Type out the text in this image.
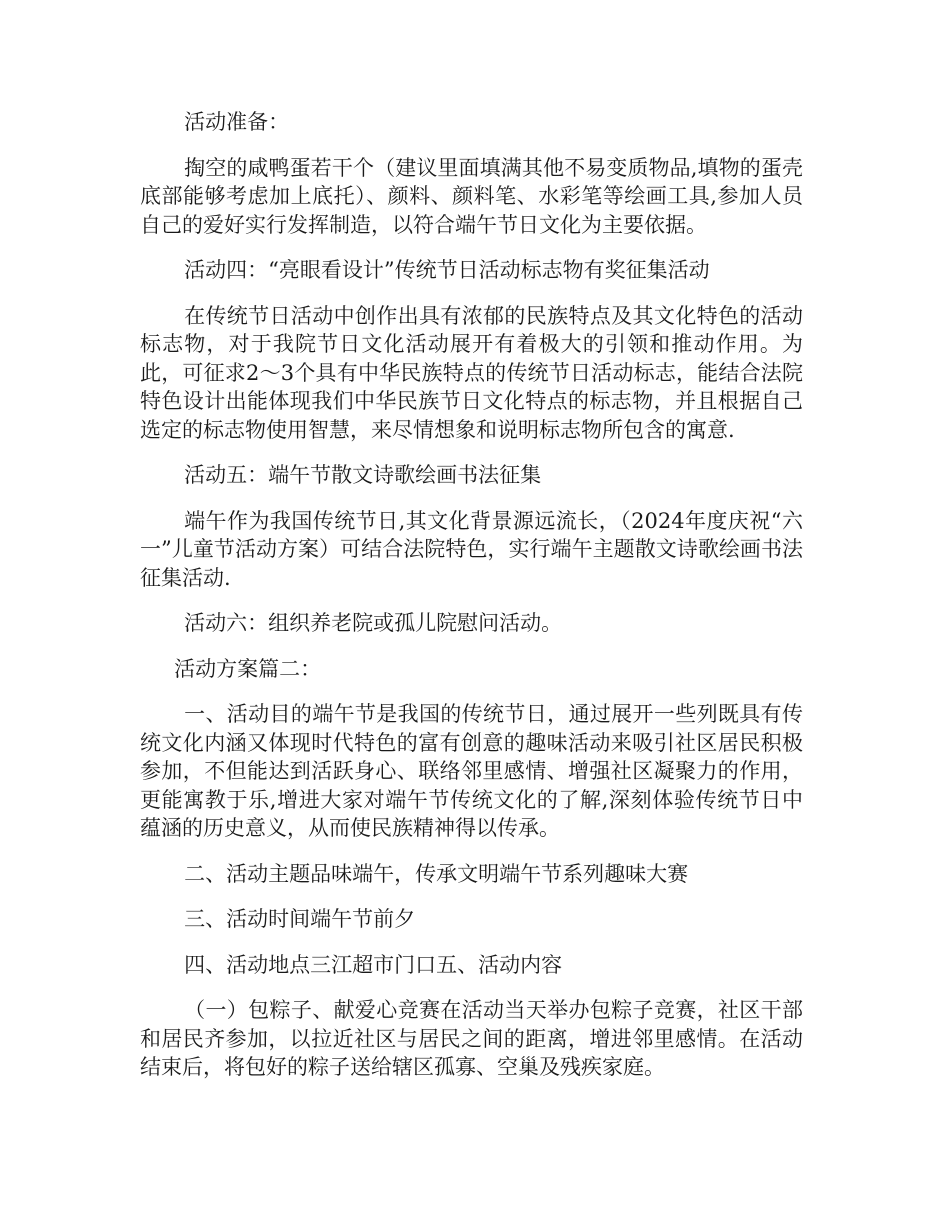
活动准备：

掏空的咸鸭蛋若干个（建议里面填满其他不易变质物品,填物的蛋壳底部能够考虑加上底托）、颜料、颜料笔、水彩笔等绘画工具,参加人员自己的爱好实行发挥制造，以符合端午节日文化为主要依据。

活动四：“亮眼看设计”传统节日活动标志物有奖征集活动

在传统节日活动中创作出具有浓郁的民族特点及其文化特色的活动标志物，对于我院节日文化活动展开有着极大的引领和推动作用。为此，可征求2～3个具有中华民族特点的传统节日活动标志，能结合法院特色设计出能体现我们中华民族节日文化特点的标志物，并且根据自己选定的标志物使用智慧，来尽情想象和说明标志物所包含的寓意.

活动五：端午节散文诗歌绘画书法征集

端午作为我国传统节日,其文化背景源远流长，（2024年度庆祝“六一”儿童节活动方案）可结合法院特色，实行端午主题散文诗歌绘画书法征集活动.

活动六：组织养老院或孤儿院慰问活动。

活动方案篇二：

一、活动目的端午节是我国的传统节日，通过展开一些列既具有传统文化内涵又体现时代特色的富有创意的趣味活动来吸引社区居民积极参加，不但能达到活跃身心、联络邻里感情、增强社区凝聚力的作用，更能寓教于乐,增进大家对端午节传统文化的了解,深刻体验传统节日中蕴涵的历史意义，从而使民族精神得以传承。

二、活动主题品味端午，传承文明端午节系列趣味大赛

三、活动时间端午节前夕

四、活动地点三江超市门口五、活动内容

（一）包粽子、献爱心竞赛在活动当天举办包粽子竞赛，社区干部和居民齐参加，以拉近社区与居民之间的距离，增进邻里感情。在活动结束后，将包好的粽子送给辖区孤寡、空巢及残疾家庭。
